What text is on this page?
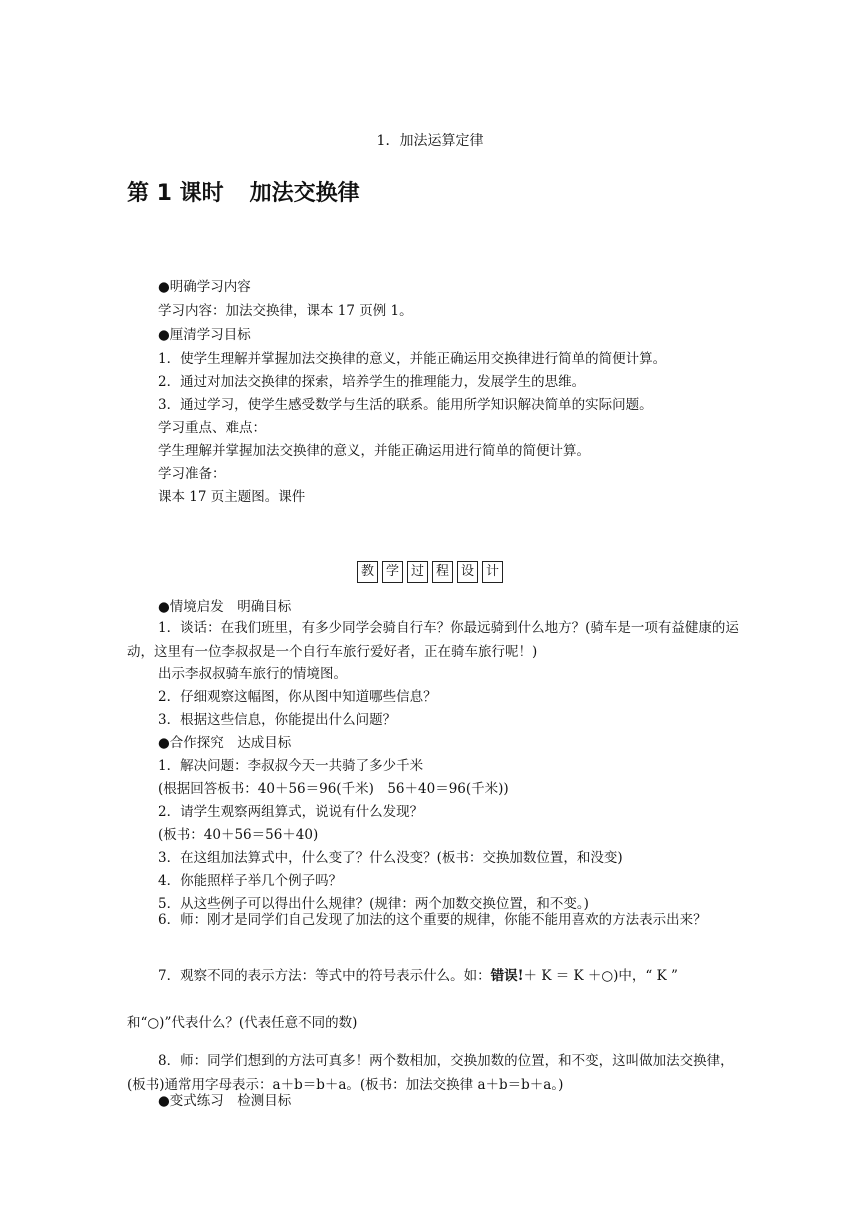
1．加法运算定律
第 1 课时 加法交换律
●明确学习内容
学习内容：加法交换律，课本 17 页例 1。
●厘清学习目标
1．使学生理解并掌握加法交换律的意义，并能正确运用交换律进行简单的简便计算。
2．通过对加法交换律的探索，培养学生的推理能力，发展学生的思维。
3．通过学习，使学生感受数学与生活的联系。能用所学知识解决简单的实际问题。
学习重点、难点：
学生理解并掌握加法交换律的意义，并能正确运用进行简单的简便计算。
学习准备：
课本 17 页主题图。课件
教 学 过 程 设 计
●情境启发　明确目标
1．谈话：在我们班里，有多少同学会骑自行车？你最远骑到什么地方？(骑车是一项有益健康的运动，这里有一位李叔叔是一个自行车旅行爱好者，正在骑车旅行呢！)
出示李叔叔骑车旅行的情境图。
2．仔细观察这幅图，你从图中知道哪些信息？
3．根据这些信息，你能提出什么问题？
●合作探究　达成目标
1．解决问题：李叔叔今天一共骑了多少千米
(根据回答板书：40＋56＝96(千米)　56＋40＝96(千米))
2．请学生观察两组算式，说说有什么发现？
(板书：40＋56＝56＋40)
3．在这组加法算式中，什么变了？什么没变？(板书：交换加数位置，和没变)
4．你能照样子举几个例子吗？
5．从这些例子可以得出什么规律？(规律：两个加数交换位置，和不变。)
6．师：刚才是同学们自己发现了加法的这个重要的规律，你能不能用喜欢的方法表示出来？
7．观察不同的表示方法：等式中的符号表示什么。如：错误!＋ K ＝ K ＋○)中，“ K ”
和“○)”代表什么？(代表任意不同的数)
8．师：同学们想到的方法可真多！两个数相加，交换加数的位置，和不变，这叫做加法交换律，(板书)通常用字母表示：a＋b＝b＋a。(板书：加法交换律 a＋b＝b＋a。)
●变式练习　检测目标
